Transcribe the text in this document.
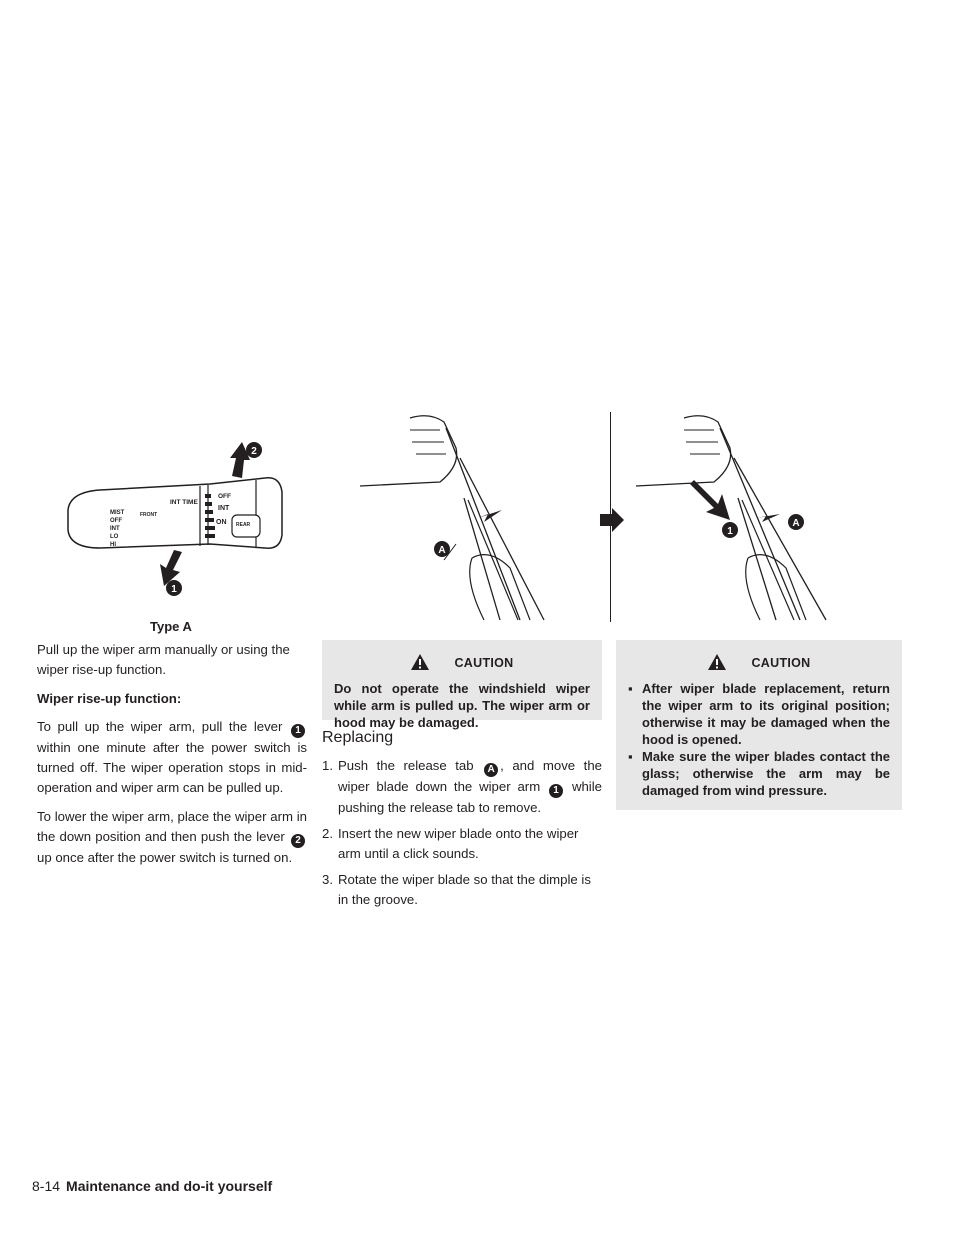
MIST
OFF
INT
LO
HI
FRONT
INT TIME
OFF
INT
ON REAR
1
2
Type A
A
1
A

Pull up the wiper arm manually or using the wiper rise-up function.

Wiper rise-up function:

To pull up the wiper arm, pull the lever 1 within one minute after the power switch is turned off. The wiper operation stops in mid-operation and wiper arm can be pulled up.

To lower the wiper arm, place the wiper arm in the down position and then push the lever 2 up once after the power switch is turned on.

CAUTION
Do not operate the windshield wiper while arm is pulled up. The wiper arm or hood may be damaged.
Replacing
1. Push the release tab A , and move the wiper blade down the wiper arm 1 while pushing the release tab to remove.
2. Insert the new wiper blade onto the wiper arm until a click sounds.
3. Rotate the wiper blade so that the dimple is in the groove.
CAUTION
▪ After wiper blade replacement, return the wiper arm to its original position; otherwise it may be damaged when the hood is opened.
▪ Make sure the wiper blades contact the glass; otherwise the arm may be damaged from wind pressure.
8-14 Maintenance and do-it yourself
